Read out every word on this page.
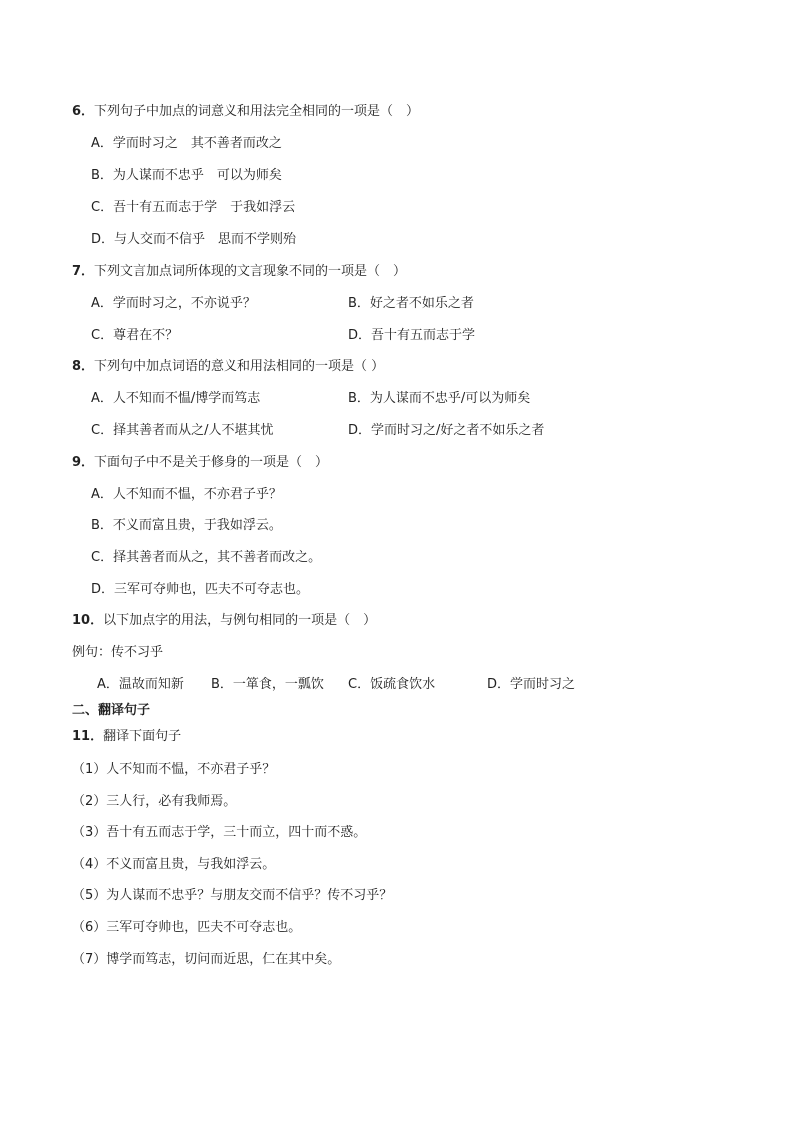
6．下列句子中加点的词意义和用法完全相同的一项是（　）
A．学而时习之　其不善者而改之
B．为人谋而不忠乎　可以为师矣
C．吾十有五而志于学　于我如浮云
D．与人交而不信乎　思而不学则殆
7．下列文言加点词所体现的文言现象不同的一项是（　）
A．学而时习之，不亦说乎？	B．好之者不如乐之者
C．尊君在不？	D．吾十有五而志于学
8．下列句中加点词语的意义和用法相同的一项是（ ）
A．人不知而不愠/博学而笃志	B．为人谋而不忠乎/可以为师矣
C．择其善者而从之/人不堪其忧	D．学而时习之/好之者不如乐之者
9．下面句子中不是关于修身的一项是（　）
A．人不知而不愠，不亦君子乎？
B．不义而富且贵，于我如浮云。
C．择其善者而从之，其不善者而改之。
D．三军可夺帅也，匹夫不可夺志也。
10．以下加点字的用法，与例句相同的一项是（　）
例句：传不习乎
A．温故而知新 B．一箪食，一瓢饮 C．饭疏食饮水	D．学而时习之
二、翻译句子
11．翻译下面句子
（1）人不知而不愠，不亦君子乎？
（2）三人行，必有我师焉。
（3）吾十有五而志于学，三十而立，四十而不惑。
（4）不义而富且贵，与我如浮云。
（5）为人谋而不忠乎？与朋友交而不信乎？传不习乎？
（6）三军可夺帅也，匹夫不可夺志也。
（7）博学而笃志，切问而近思，仁在其中矣。
